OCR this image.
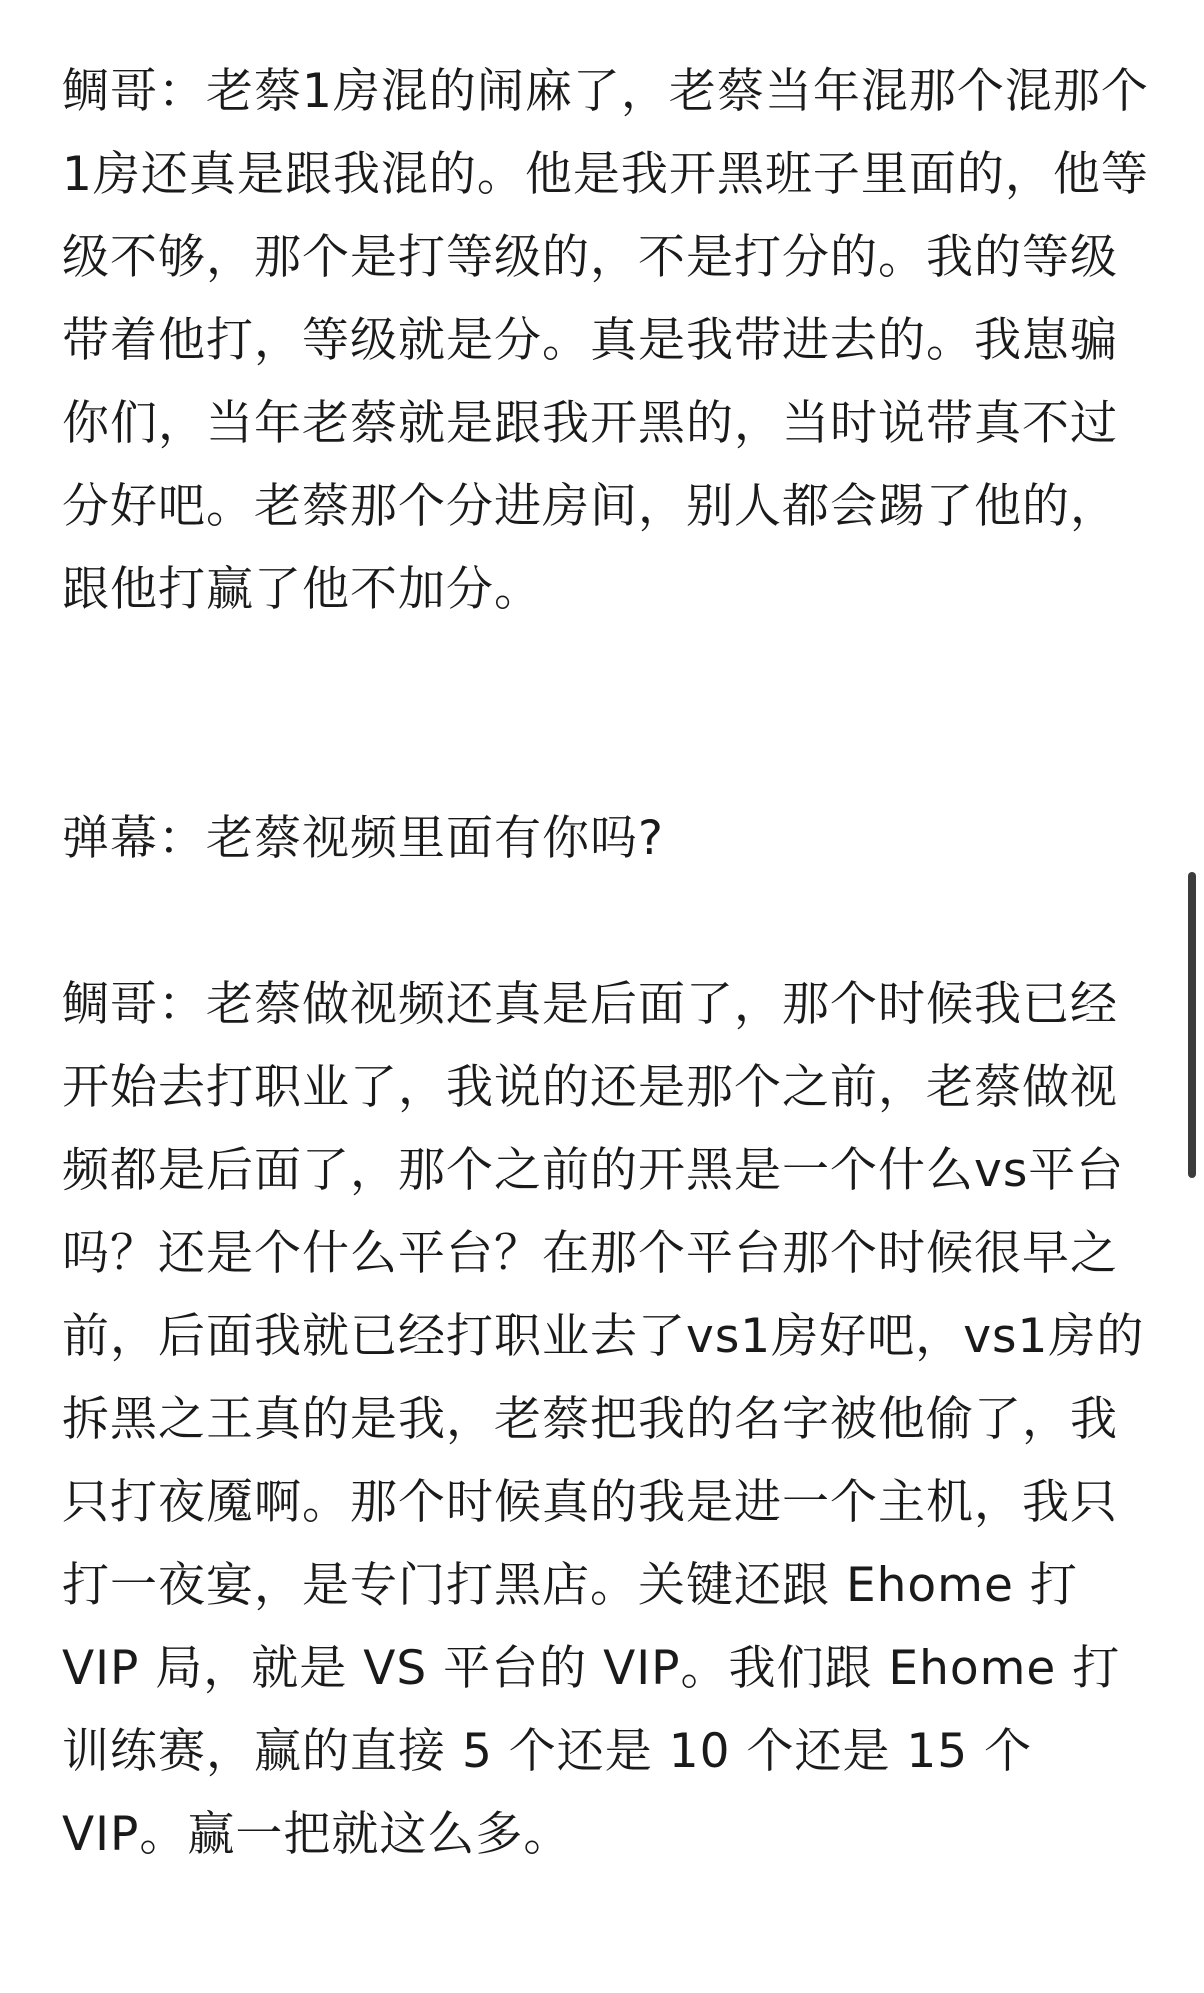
鲷哥：老蔡1房混的闹麻了，老蔡当年混那个混那个1房还真是跟我混的。他是我开黑班子里面的，他等级不够，那个是打等级的，不是打分的。我的等级带着他打，等级就是分。真是我带进去的。我崽骗你们，当年老蔡就是跟我开黑的，当时说带真不过分好吧。老蔡那个分进房间，别人都会踢了他的，跟他打赢了他不加分。

弹幕：老蔡视频里面有你吗?

鲷哥：老蔡做视频还真是后面了，那个时候我已经开始去打职业了，我说的还是那个之前，老蔡做视频都是后面了，那个之前的开黑是一个什么vs平台吗？还是个什么平台？在那个平台那个时候很早之前，后面我就已经打职业去了vs1房好吧，vs1房的拆黑之王真的是我，老蔡把我的名字被他偷了，我只打夜魇啊。那个时候真的我是进一个主机，我只打一夜宴，是专门打黑店。关键还跟 Ehome 打 VIP 局，就是 VS 平台的 VIP。我们跟 Ehome 打训练赛，赢的直接 5 个还是 10 个还是 15 个 VIP。赢一把就这么多。
